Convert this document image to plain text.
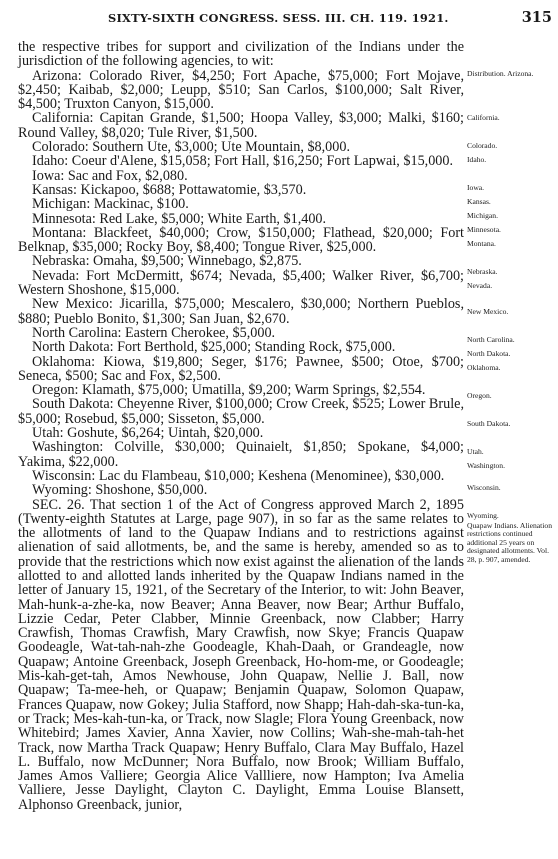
SIXTY-SIXTH CONGRESS. SESS. III. CH. 119. 1921.	315

the respective tribes for support and civilization of the Indians under the jurisdiction of the following agencies, to wit:

Arizona: Colorado River, $4,250; Fort Apache, $75,000; Fort Mojave, $2,450; Kaibab, $2,000; Leupp, $510; San Carlos, $100,000; Salt River, $4,500; Truxton Canyon, $15,000.

California: Capitan Grande, $1,500; Hoopa Valley, $3,000; Malki, $160; Round Valley, $8,020; Tule River, $1,500.

Colorado: Southern Ute, $3,000; Ute Mountain, $8,000.

Idaho: Coeur d'Alene, $15,058; Fort Hall, $16,250; Fort Lapwai, $15,000.

Iowa: Sac and Fox, $2,080.

Kansas: Kickapoo, $688; Pottawatomie, $3,570.

Michigan: Mackinac, $100.

Minnesota: Red Lake, $5,000; White Earth, $1,400.

Montana: Blackfeet, $40,000; Crow, $150,000; Flathead, $20,000; Fort Belknap, $35,000; Rocky Boy, $8,400; Tongue River, $25,000.

Nebraska: Omaha, $9,500; Winnebago, $2,875.

Nevada: Fort McDermitt, $674; Nevada, $5,400; Walker River, $6,700; Western Shoshone, $15,000.

New Mexico: Jicarilla, $75,000; Mescalero, $30,000; Northern Pueblos, $880; Pueblo Bonito, $1,300; San Juan, $2,670.

North Carolina: Eastern Cherokee, $5,000.

North Dakota: Fort Berthold, $25,000; Standing Rock, $75,000.

Oklahoma: Kiowa, $19,800; Seger, $176; Pawnee, $500; Otoe, $700; Seneca, $500; Sac and Fox, $2,500.

Oregon: Klamath, $75,000; Umatilla, $9,200; Warm Springs, $2,554.

South Dakota: Cheyenne River, $100,000; Crow Creek, $525; Lower Brule, $5,000; Rosebud, $5,000; Sisseton, $5,000.

Utah: Goshute, $6,264; Uintah, $20,000.

Washington: Colville, $30,000; Quinaielt, $1,850; Spokane, $4,000; Yakima, $22,000.

Wisconsin: Lac du Flambeau, $10,000; Keshena (Menominee), $30,000.

Wyoming: Shoshone, $50,000.

SEC. 26. That section 1 of the Act of Congress approved March 2, 1895 (Twenty-eighth Statutes at Large, page 907), in so far as the same relates to the allotments of land to the Quapaw Indians and to restrictions against alienation of said allotments, be, and the same is hereby, amended so as to provide that the restrictions which now exist against the alienation of the lands allotted to and allotted lands inherited by the Quapaw Indians named in the letter of January 15, 1921, of the Secretary of the Interior, to wit: John Beaver, Mah-hunk-a-zhe-ka, now Beaver; Anna Beaver, now Bear; Arthur Buffalo, Lizzie Cedar, Peter Clabber, Minnie Greenback, now Clabber; Harry Crawfish, Thomas Crawfish, Mary Crawfish, now Skye; Francis Quapaw Goodeagle, Wat-tah-nah-zhe Goodeagle, Khah-Daah, or Grandeagle, now Quapaw; Antoine Greenback, Joseph Greenback, Ho-hom-me, or Goodeagle; Mis-kah-get-tah, Amos Newhouse, John Quapaw, Nellie J. Ball, now Quapaw; Ta-mee-heh, or Quapaw; Benjamin Quapaw, Solomon Quapaw, Frances Quapaw, now Gokey; Julia Stafford, now Shapp; Hah-dah-ska-tun-ka, or Track; Mes-kah-tun-ka, or Track, now Slagle; Flora Young Greenback, now Whitebird; James Xavier, Anna Xavier, now Collins; Wah-she-mah-tah-het Track, now Martha Track Quapaw; Henry Buffalo, Clara May Buffalo, Hazel L. Buffalo, now McDunner; Nora Buffalo, now Brook; William Buffalo, James Amos Valliere; Georgia Alice Vallliere, now Hampton; Iva Amelia Valliere, Jesse Daylight, Clayton C. Daylight, Emma Louise Blansett, Alphonso Greenback, junior,

Distribution. Arizona.
California.
Colorado.
Idaho.
Iowa.
Kansas.
Michigan.
Minnesota.
Montana.
Nebraska.
Nevada.
New Mexico.
North Carolina.
North Dakota.
Oklahoma.
Oregon.
South Dakota.
Utah.
Washington.
Wisconsin.
Wyoming.
Quapaw Indians. Alienation restrictions continued additional 25 years on designated allotments. Vol. 28, p. 907, amended.
